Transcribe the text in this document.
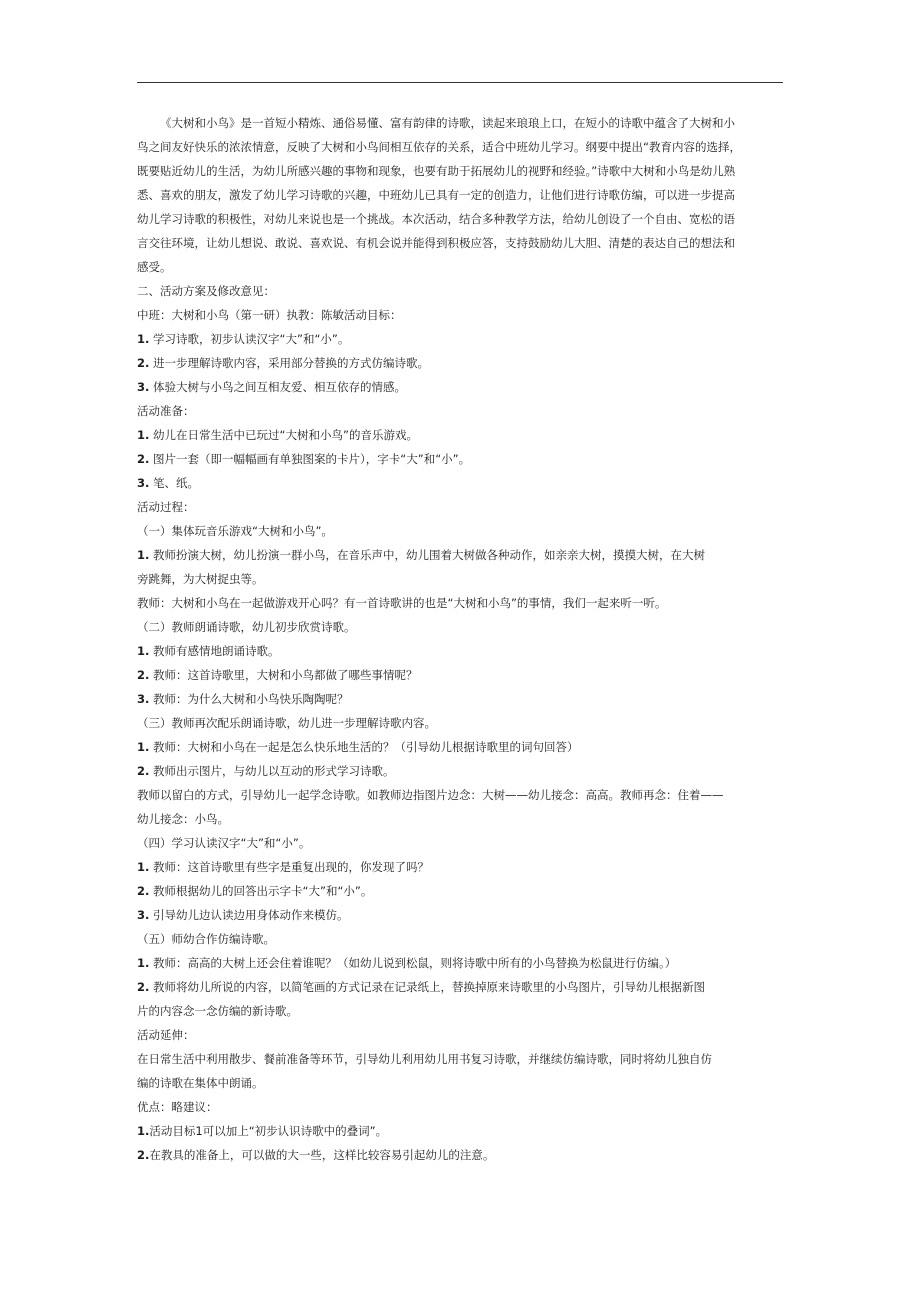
《大树和小鸟》是一首短小精炼、通俗易懂、富有韵律的诗歌，读起来琅琅上口，在短小的诗歌中蕴含了大树和小

鸟之间友好快乐的浓浓情意，反映了大树和小鸟间相互依存的关系，适合中班幼儿学习。纲要中提出“教育内容的选择，

既要贴近幼儿的生活，为幼儿所感兴趣的事物和现象，也要有助于拓展幼儿的视野和经验。”诗歌中大树和小鸟是幼儿熟

悉、喜欢的朋友，激发了幼儿学习诗歌的兴趣，中班幼儿已具有一定的创造力，让他们进行诗歌仿编，可以进一步提高

幼儿学习诗歌的积极性，对幼儿来说也是一个挑战。本次活动，结合多种教学方法，给幼儿创设了一个自由、宽松的语

言交往环境，让幼儿想说、敢说、喜欢说、有机会说并能得到积极应答，支持鼓励幼儿大胆、清楚的表达自己的想法和

感受。

二、活动方案及修改意见：

中班：大树和小鸟（第一研）执教：陈敏活动目标：

1. 学习诗歌，初步认读汉字“大”和“小”。

2. 进一步理解诗歌内容，采用部分替换的方式仿编诗歌。

3. 体验大树与小鸟之间互相友爱、相互依存的情感。

活动准备：

1. 幼儿在日常生活中已玩过“大树和小鸟”的音乐游戏。

2. 图片一套（即一幅幅画有单独图案的卡片），字卡“大”和“小”。

3. 笔、纸。

活动过程：

（一）集体玩音乐游戏“大树和小鸟”。

1. 教师扮演大树，幼儿扮演一群小鸟，在音乐声中，幼儿围着大树做各种动作，如亲亲大树，摸摸大树，在大树

旁跳舞，为大树捉虫等。

教师：大树和小鸟在一起做游戏开心吗？有一首诗歌讲的也是“大树和小鸟”的事情，我们一起来听一听。

（二）教师朗诵诗歌，幼儿初步欣赏诗歌。

1. 教师有感情地朗诵诗歌。

2. 教师：这首诗歌里，大树和小鸟都做了哪些事情呢？

3. 教师：为什么大树和小鸟快乐陶陶呢？

（三）教师再次配乐朗诵诗歌，幼儿进一步理解诗歌内容。

1. 教师：大树和小鸟在一起是怎么快乐地生活的？（引导幼儿根据诗歌里的词句回答）

2. 教师出示图片，与幼儿以互动的形式学习诗歌。

教师以留白的方式，引导幼儿一起学念诗歌。如教师边指图片边念：大树——幼儿接念：高高。教师再念：住着——

幼儿接念：小鸟。

（四）学习认读汉字“大”和“小”。

1. 教师：这首诗歌里有些字是重复出现的，你发现了吗？

2. 教师根据幼儿的回答出示字卡“大”和“小”。

3. 引导幼儿边认读边用身体动作来模仿。

（五）师幼合作仿编诗歌。

1. 教师：高高的大树上还会住着谁呢？（如幼儿说到松鼠，则将诗歌中所有的小鸟替换为松鼠进行仿编。）

2. 教师将幼儿所说的内容，以简笔画的方式记录在记录纸上，替换掉原来诗歌里的小鸟图片，引导幼儿根据新图

片的内容念一念仿编的新诗歌。

活动延伸：

在日常生活中利用散步、餐前准备等环节，引导幼儿利用幼儿用书复习诗歌，并继续仿编诗歌，同时将幼儿独自仿

编的诗歌在集体中朗诵。

优点：略建议：

1.活动目标1可以加上“初步认识诗歌中的叠词”。

2.在教具的准备上，可以做的大一些，这样比较容易引起幼儿的注意。
